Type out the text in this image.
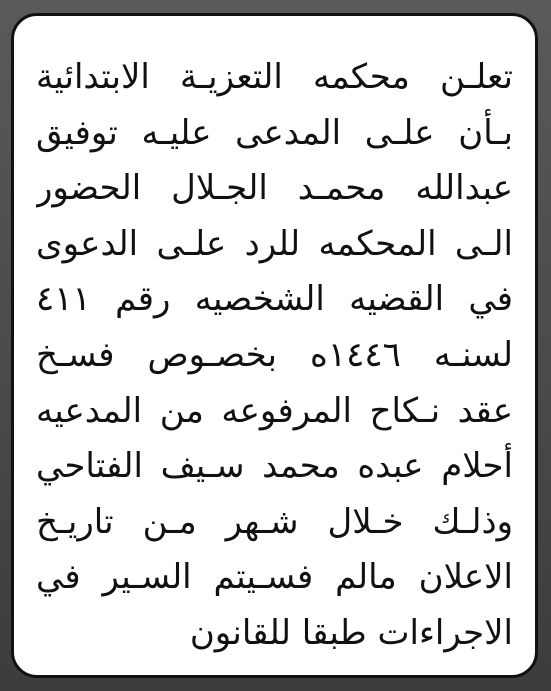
تعلـن محكمه التعزيـة الابتدائية
بـأن علـى المدعى عليـه توفيق
عبدالله محمـد الجـلال الحضور
الـى المحكمه للرد علـى الدعوى
في القضيه الشخصيه رقم ٤١١
لسنـه ١٤٤٦ه بخصـوص فسـخ
عقد نـكاح المرفوعه من المدعيه
أحلام عبده محمد سـيف الفتاحي
وذلـك خـلال شـهر مـن تاريـخ
الاعلان مالم فسـيتم السـير في
الاجراءات طبقا للقانون
